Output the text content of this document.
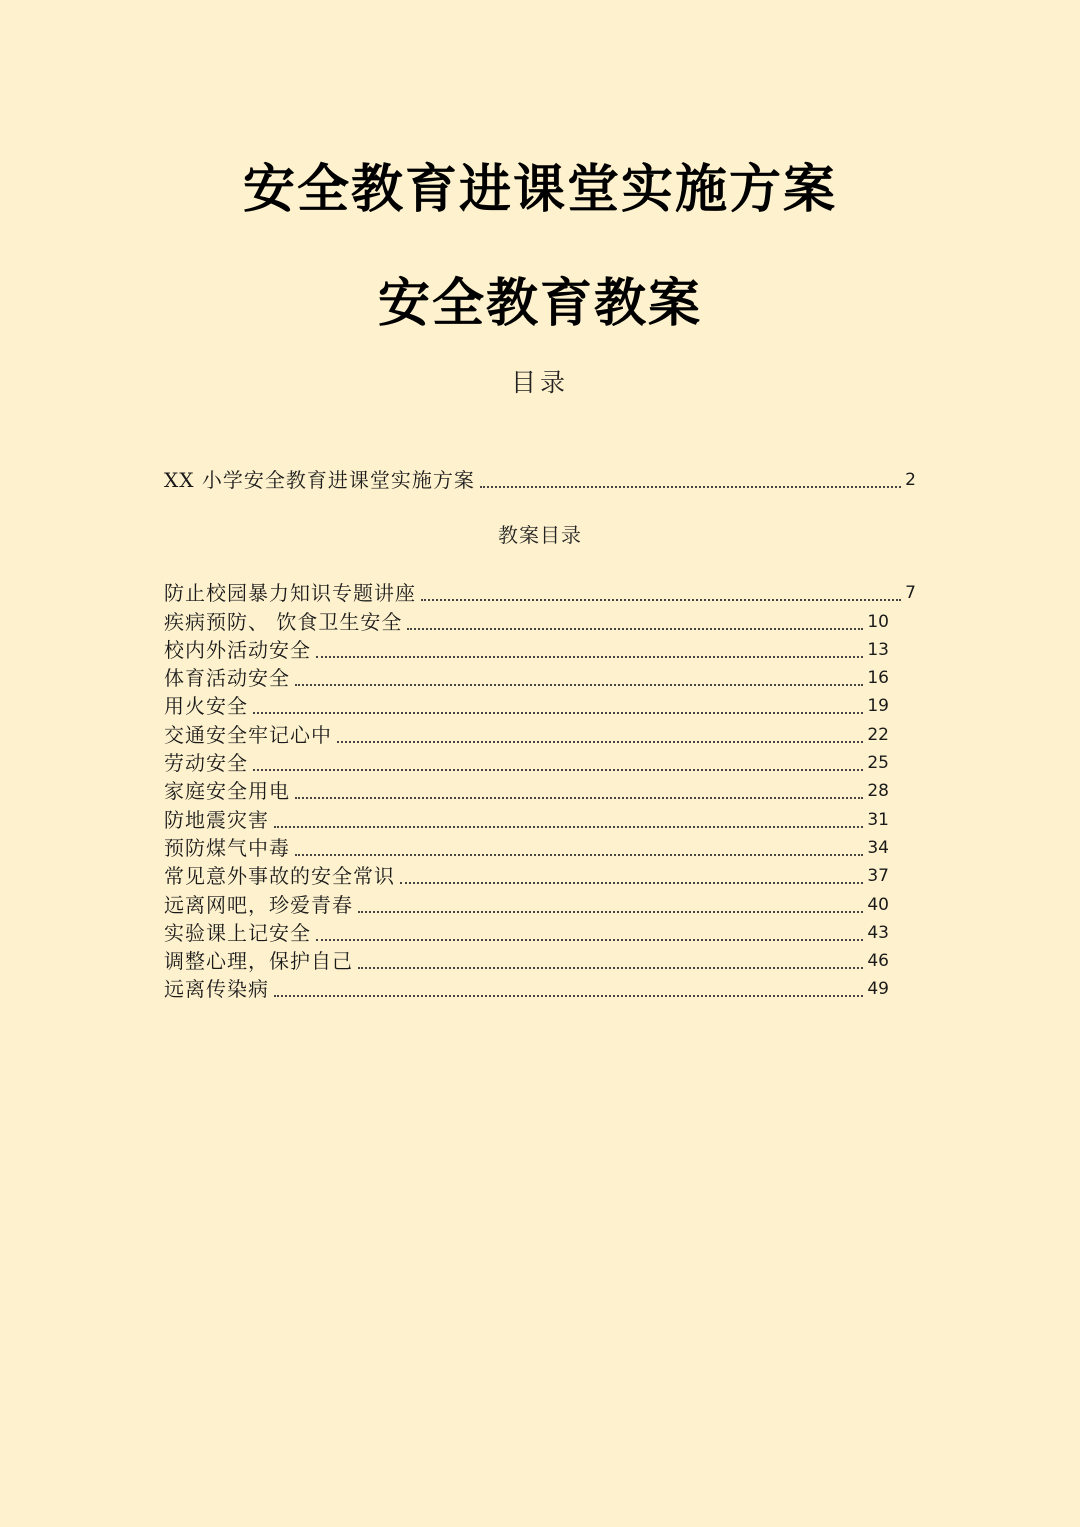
安全教育进课堂实施方案
安全教育教案
目录
XX 小学安全教育进课堂实施方案	2
教案目录
防止校园暴力知识专题讲座	7
疾病预防、 饮食卫生安全	10
校内外活动安全	13
体育活动安全	16
用火安全	19
交通安全牢记心中	22
劳动安全	25
家庭安全用电	28
防地震灾害	31
预防煤气中毒	34
常见意外事故的安全常识	37
远离网吧，珍爱青春	40
实验课上记安全	43
调整心理，保护自己	46
远离传染病	49
